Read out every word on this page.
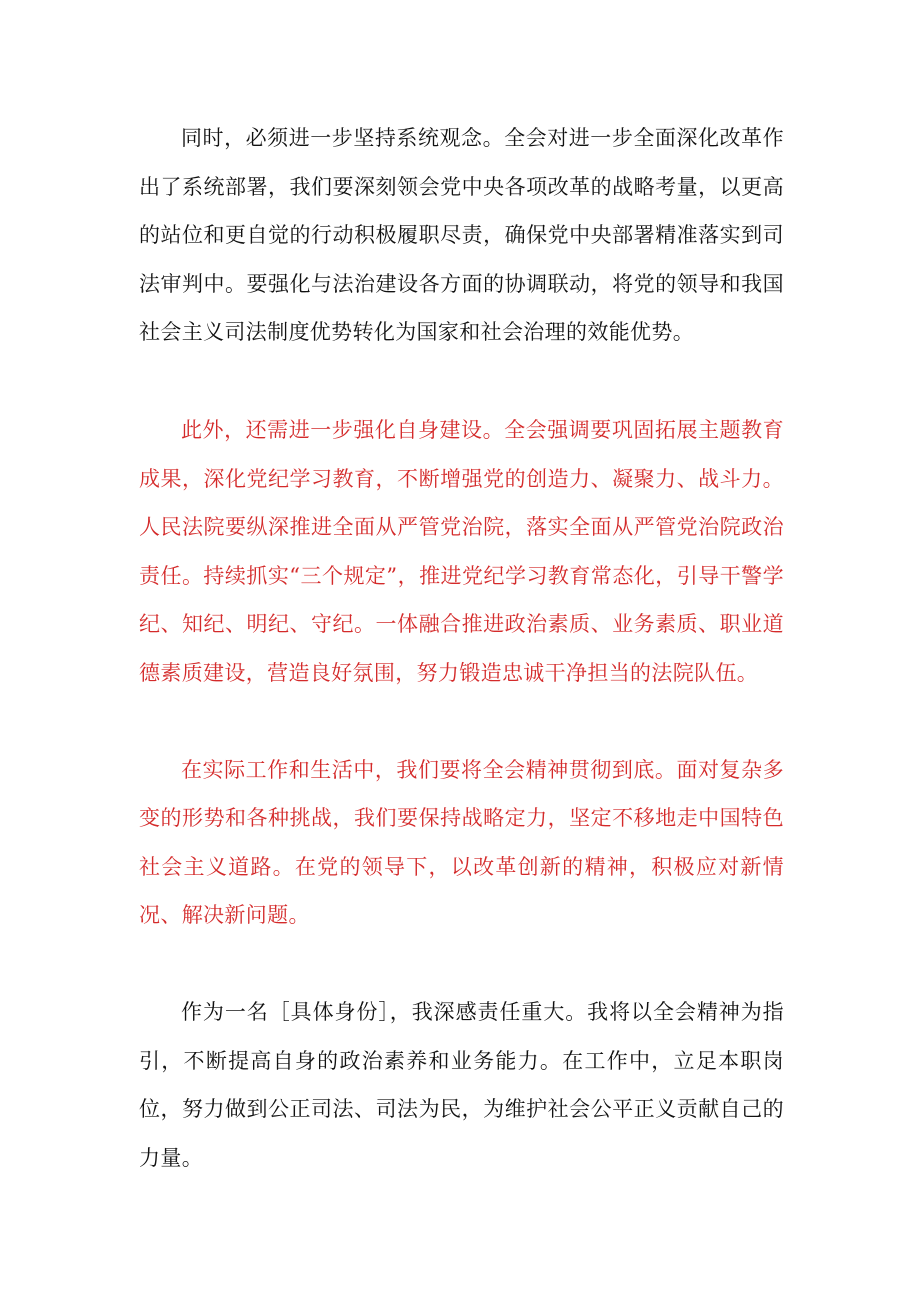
同时，必须进一步坚持系统观念。全会对进一步全面深化改革作出了系统部署，我们要深刻领会党中央各项改革的战略考量，以更高的站位和更自觉的行动积极履职尽责，确保党中央部署精准落实到司法审判中。要强化与法治建设各方面的协调联动，将党的领导和我国社会主义司法制度优势转化为国家和社会治理的效能优势。

此外，还需进一步强化自身建设。全会强调要巩固拓展主题教育成果，深化党纪学习教育，不断增强党的创造力、凝聚力、战斗力。人民法院要纵深推进全面从严管党治院，落实全面从严管党治院政治责任。持续抓实“三个规定”，推进党纪学习教育常态化，引导干警学纪、知纪、明纪、守纪。一体融合推进政治素质、业务素质、职业道德素质建设，营造良好氛围，努力锻造忠诚干净担当的法院队伍。

在实际工作和生活中，我们要将全会精神贯彻到底。面对复杂多变的形势和各种挑战，我们要保持战略定力，坚定不移地走中国特色社会主义道路。在党的领导下，以改革创新的精神，积极应对新情况、解决新问题。

作为一名［具体身份］，我深感责任重大。我将以全会精神为指引，不断提高自身的政治素养和业务能力。在工作中，立足本职岗位，努力做到公正司法、司法为民，为维护社会公平正义贡献自己的力量。
